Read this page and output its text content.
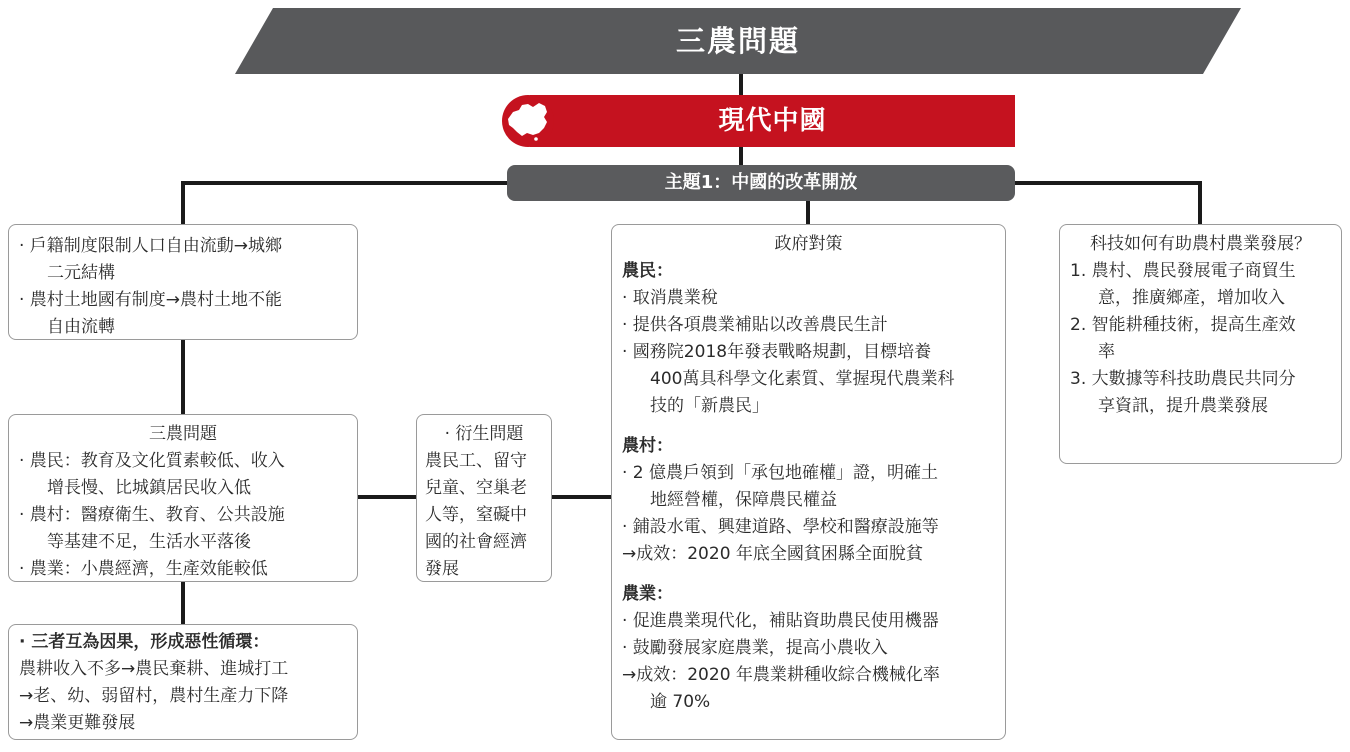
三農問題
現代中國
主題1：中國的改革開放
· 戶籍制度限制人口自由流動→城鄉
二元結構
· 農村土地國有制度→農村土地不能
自由流轉
三農問題
· 農民：教育及文化質素較低、收入
增長慢、比城鎮居民收入低
· 農村：醫療衛生、教育、公共設施
等基建不足，生活水平落後
· 農業：小農經濟，生產效能較低
· 三者互為因果，形成惡性循環：
農耕收入不多→農民棄耕、進城打工
→老、幼、弱留村，農村生產力下降
→農業更難發展
· 衍生問題
農民工、留守
兒童、空巢老
人等，窒礙中
國的社會經濟
發展
政府對策
農民：
· 取消農業稅
· 提供各項農業補貼以改善農民生計
· 國務院2018年發表戰略規劃，目標培養
400萬具科學文化素質、掌握現代農業科
技的「新農民」
農村：
· 2 億農戶領到「承包地確權」證，明確土
地經營權，保障農民權益
· 鋪設水電、興建道路、學校和醫療設施等
→成效：2020 年底全國貧困縣全面脫貧
農業：
· 促進農業現代化，補貼資助農民使用機器
· 鼓勵發展家庭農業，提高小農收入
→成效：2020 年農業耕種收綜合機械化率
逾 70%
科技如何有助農村農業發展？
1. 農村、農民發展電子商貿生
意，推廣鄉產，增加收入
2. 智能耕種技術，提高生產效
率
3. 大數據等科技助農民共同分
享資訊，提升農業發展
